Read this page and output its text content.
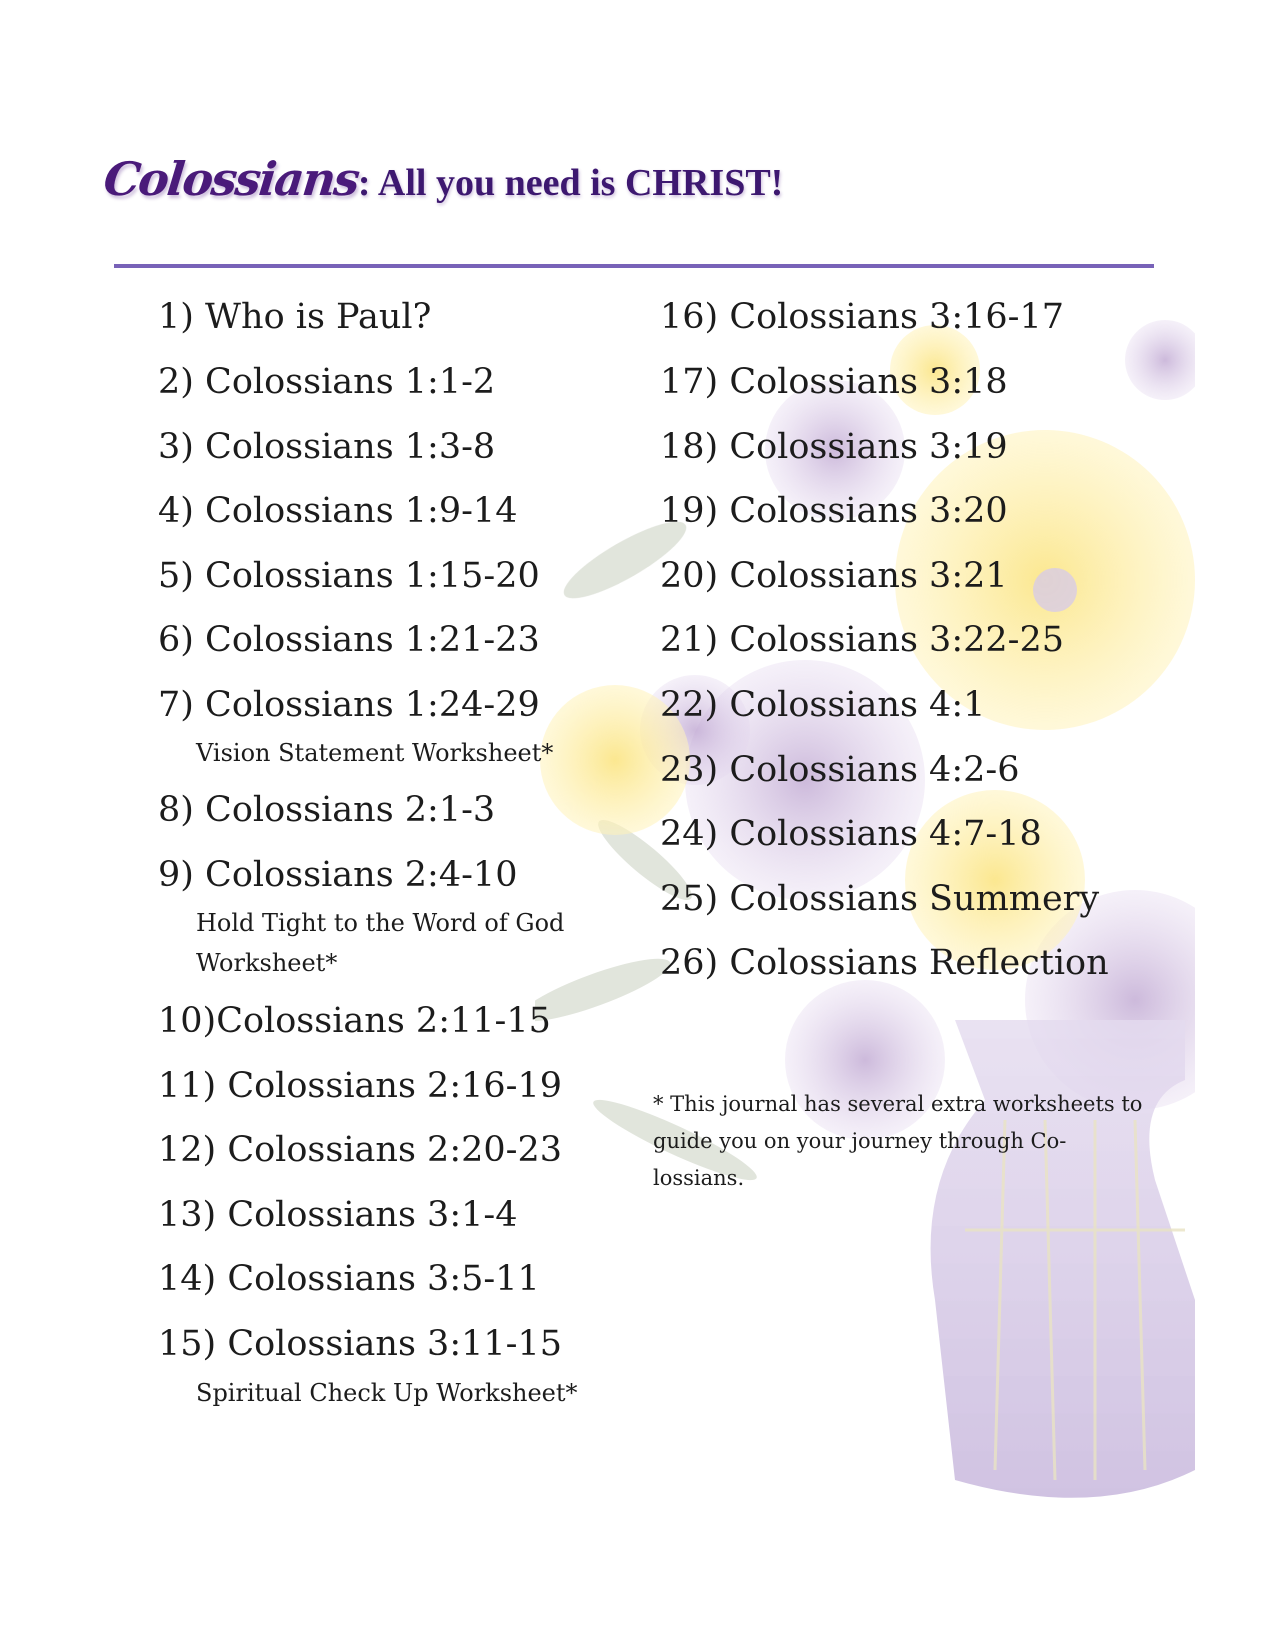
Colossians: All you need is CHRIST!
1) Who is Paul?
2) Colossians 1:1-2
3) Colossians 1:3-8
4) Colossians 1:9-14
5) Colossians 1:15-20
6) Colossians 1:21-23
7) Colossians 1:24-29
Vision Statement Worksheet*
8) Colossians 2:1-3
9) Colossians 2:4-10
Hold Tight to the Word of God
Worksheet*
10)Colossians 2:11-15
11) Colossians 2:16-19
12) Colossians 2:20-23
13) Colossians 3:1-4
14) Colossians 3:5-11
15) Colossians 3:11-15
Spiritual Check Up Worksheet*
16) Colossians 3:16-17
17) Colossians 3:18
18) Colossians 3:19
19) Colossians 3:20
20) Colossians 3:21
21) Colossians 3:22-25
22) Colossians 4:1
23) Colossians 4:2-6
24) Colossians 4:7-18
25) Colossians Summery
26) Colossians Reflection
* This journal has several extra worksheets to guide you on your journey through Co-lossians.
